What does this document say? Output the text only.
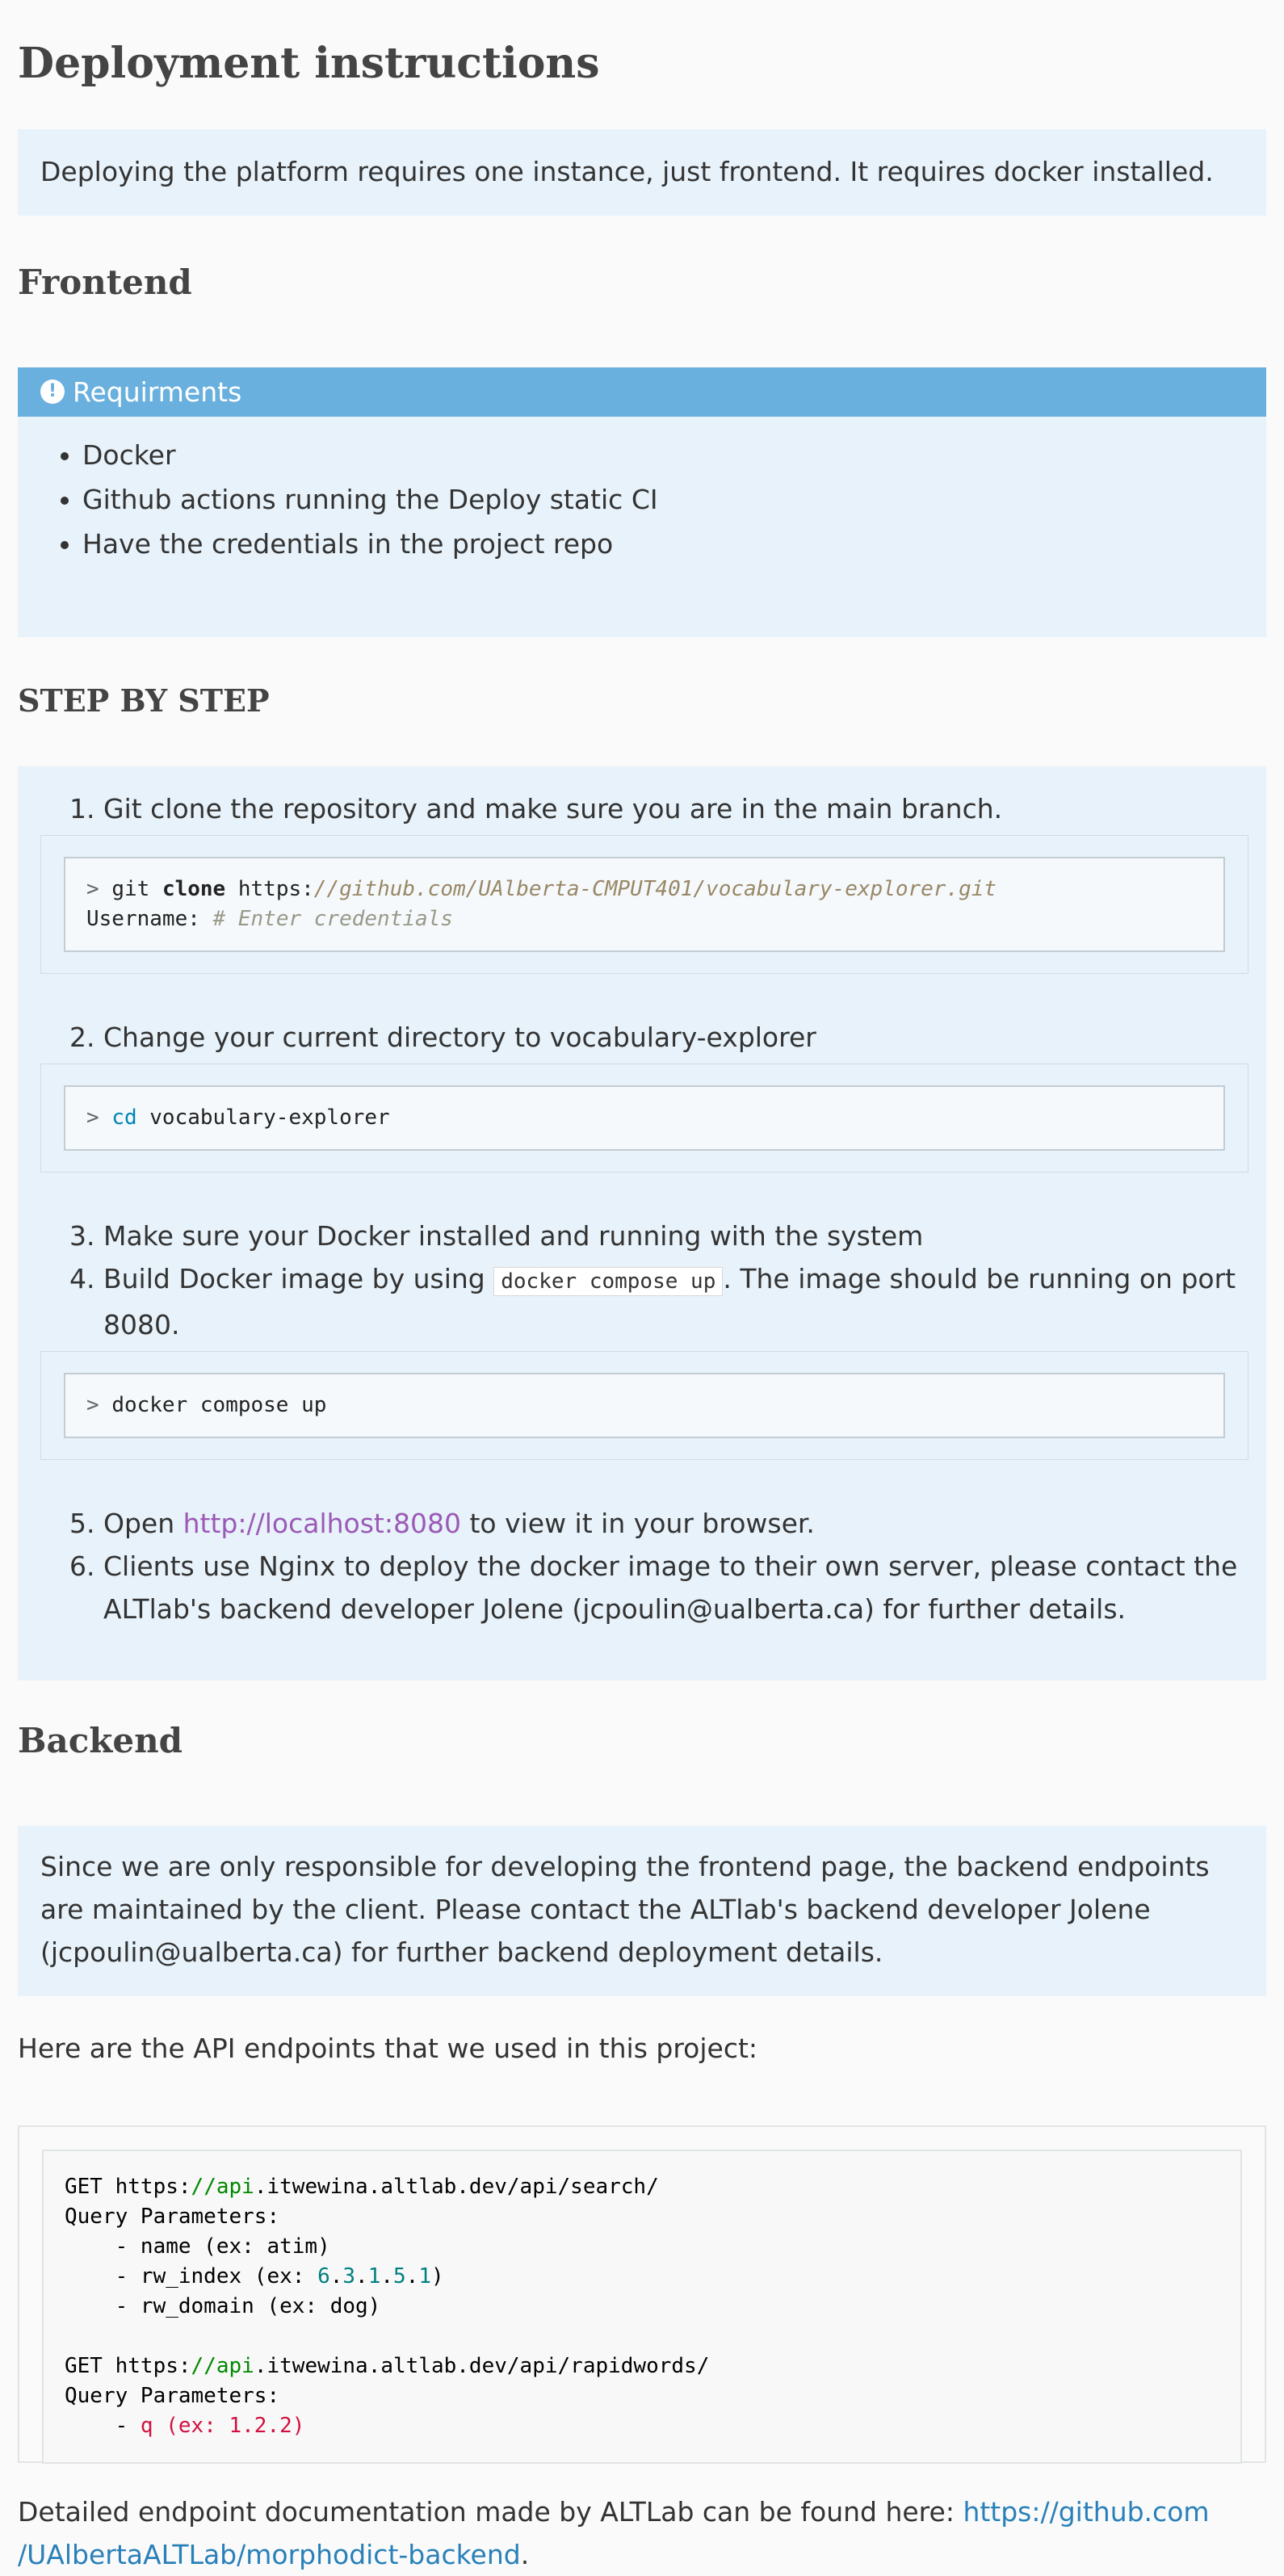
Deployment instructions
Deploying the platform requires one instance, just frontend. It requires docker installed.
Frontend
! Requirments
• Docker
• Github actions running the Deploy static CI
• Have the credentials in the project repo
STEP BY STEP
1. Git clone the repository and make sure you are in the main branch.
> git clone https://github.com/UAlberta-CMPUT401/vocabulary-explorer.git
Username: # Enter credentials
2. Change your current directory to vocabulary-explorer
> cd vocabulary-explorer
3. Make sure your Docker installed and running with the system
4. Build Docker image by using docker compose up . The image should be running on port 8080.
> docker compose up
5. Open http://localhost:8080 to view it in your browser.
6. Clients use Nginx to deploy the docker image to their own server, please contact the ALTlab's backend developer Jolene (jcpoulin@ualberta.ca) for further details.
Backend
Since we are only responsible for developing the frontend page, the backend endpoints are maintained by the client. Please contact the ALTlab's backend developer Jolene (jcpoulin@ualberta.ca) for further backend deployment details.
Here are the API endpoints that we used in this project:
GET https://api.itwewina.altlab.dev/api/search/
Query Parameters:
- name (ex: atim)
- rw_index (ex: 6.3.1.5.1)
- rw_domain (ex: dog)

GET https://api.itwewina.altlab.dev/api/rapidwords/
Query Parameters:
- q (ex: 1.2.2)
Detailed endpoint documentation made by ALTLab can be found here: https://github.com
/UAlbertaALTLab/morphodict-backend.
